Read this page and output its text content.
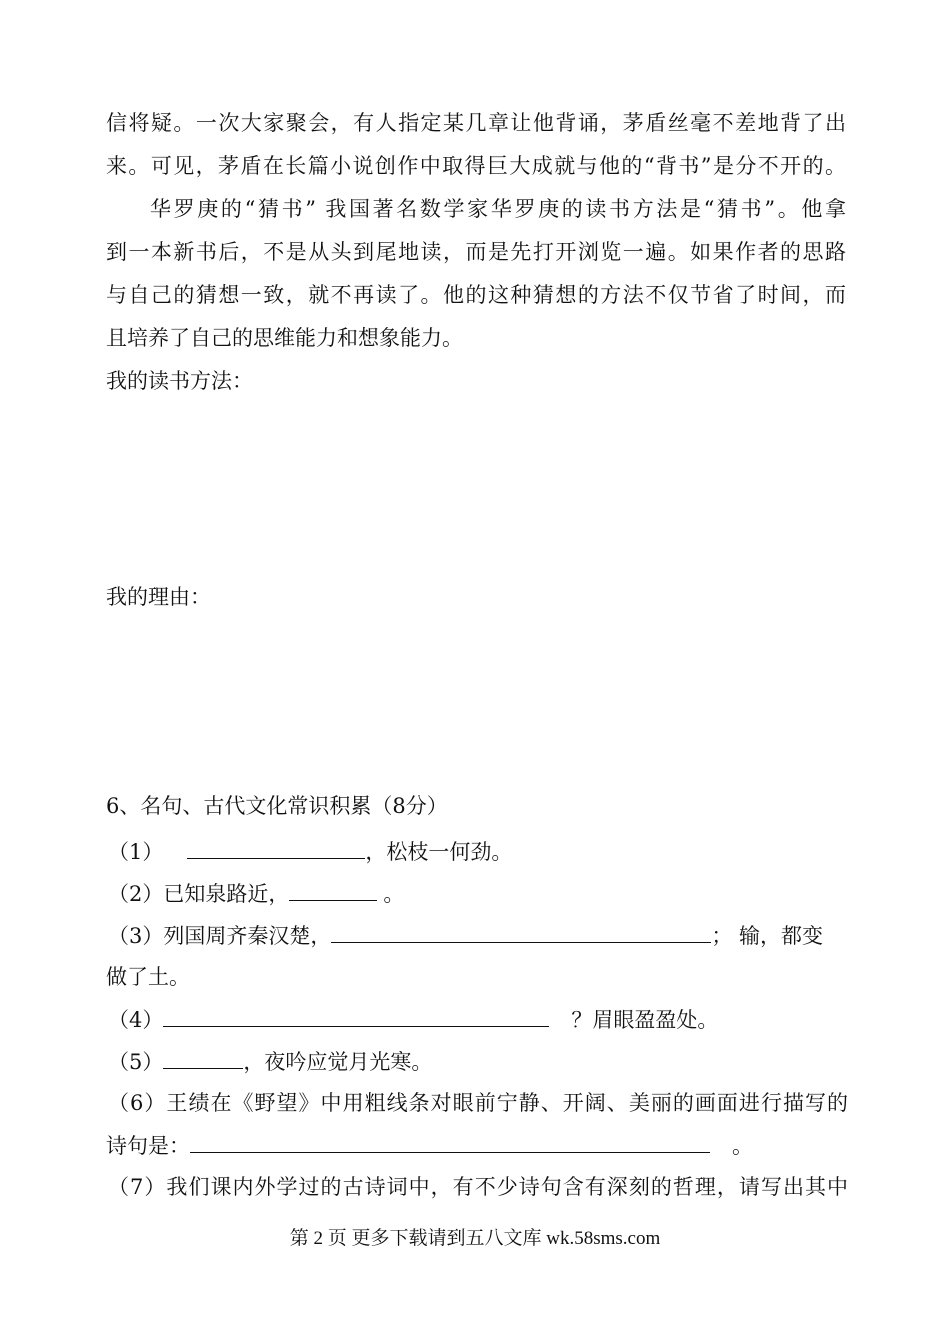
信将疑。一次大家聚会，有人指定某几章让他背诵，茅盾丝毫不差地背了出
来。可见，茅盾在长篇小说创作中取得巨大成就与他的“背书”是分不开的。
华罗庚的“猜书” 我国著名数学家华罗庚的读书方法是“猜书”。他拿
到一本新书后，不是从头到尾地读，而是先打开浏览一遍。如果作者的思路
与自己的猜想一致，就不再读了。他的这种猜想的方法不仅节省了时间，而
且培养了自己的思维能力和想象能力。
我的读书方法：
我的理由：
6、名句、古代文化常识积累（8分）
（1）	，松枝一何劲。
（2）已知泉路近，	。
（3）列国周齐秦汉楚，	； 输，都变
做了土。
（4）	？眉眼盈盈处。
（5）	，夜吟应觉月光寒。
（6）王绩在《野望》中用粗线条对眼前宁静、开阔、美丽的画面进行描写的
诗句是：	。
（7）我们课内外学过的古诗词中，有不少诗句含有深刻的哲理，请写出其中
第 2 页 更多下载请到五八文库 wk.58sms.com
